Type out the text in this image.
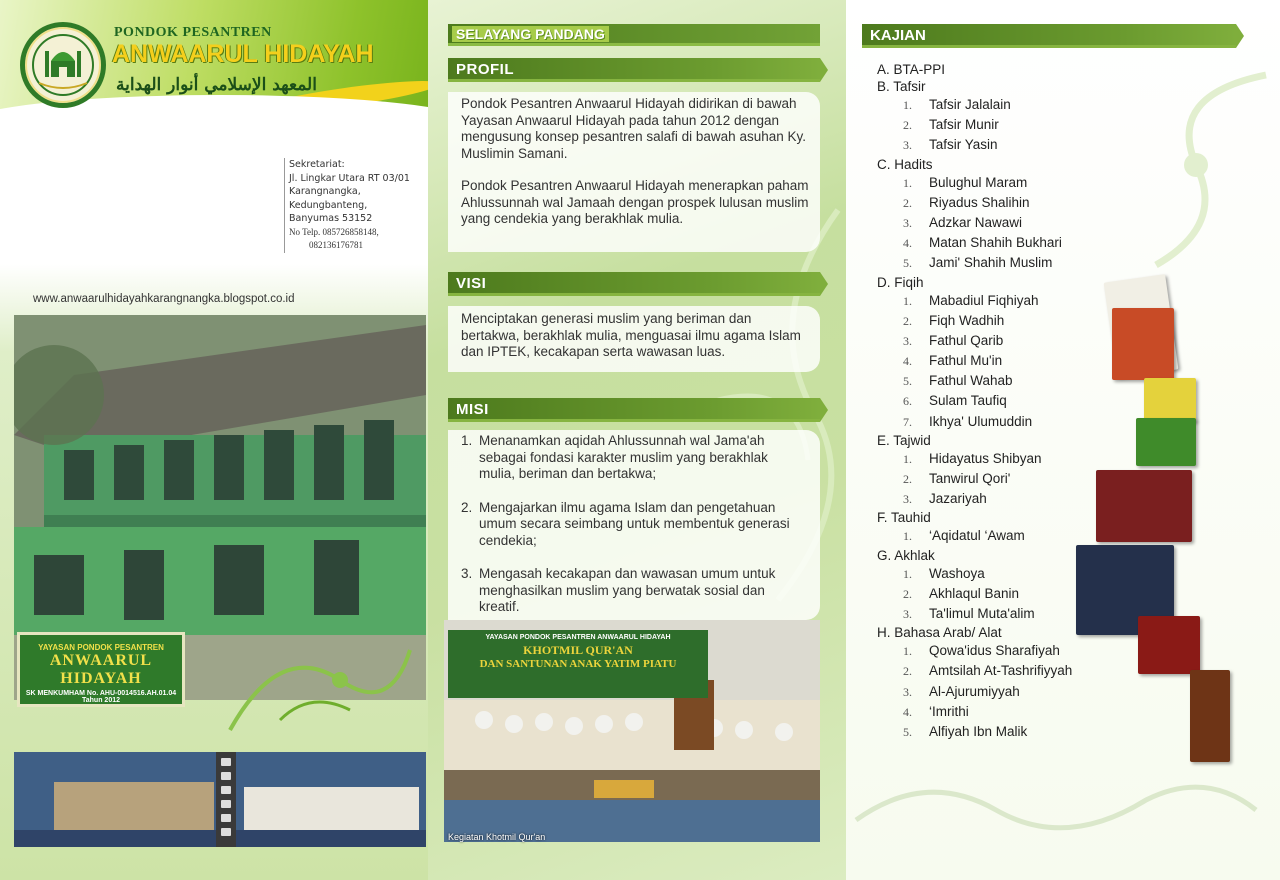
PONDOK PESANTREN
ANWAARUL HIDAYAH
المعهد الإسلامي أنوار الهداية
Sekretariat:
Jl. Lingkar Utara RT 03/01
Karangnangka,
Kedungbanteng,
Banyumas 53152
No Telp. 085726858148,
082136176781
www.anwaarulhidayahkarangnangka.blogspot.co.id
YAYASAN PONDOK PESANTREN
ANWAARUL HIDAYAH
SK MENKUMHAM No. AHU-0014516.AH.01.04 Tahun 2012
SELAYANG PANDANG
PROFIL

Pondok Pesantren Anwaarul Hidayah didirikan di bawah Yayasan Anwaarul Hidayah pada tahun 2012 dengan mengusung konsep pesantren salafi di bawah asuhan Ky. Muslimin Samani.

Pondok Pesantren Anwaarul Hidayah menerapkan paham Ahlussunnah wal Jamaah dengan prospek lulusan muslim yang cendekia yang berakhlak mulia.

VISI

Menciptakan generasi muslim yang beriman dan bertakwa, berakhlak mulia, menguasai ilmu agama Islam dan IPTEK, kecakapan serta wawasan luas.

MISI
1. Menanamkan aqidah Ahlussunnah wal Jama'ah sebagai fondasi karakter muslim yang berakhlak mulia, beriman dan bertakwa;
2. Mengajarkan ilmu agama Islam dan pengetahuan umum secara seimbang untuk membentuk generasi cendekia;
3. Mengasah kecakapan dan wawasan umum untuk menghasilkan muslim yang berwatak sosial dan kreatif.
YAYASAN PONDOK PESANTREN ANWAARUL HIDAYAH
KHOTMIL QUR'AN
DAN SANTUNAN ANAK YATIM PIATU
Kegiatan Khotmil Qur'an
KAJIAN
A. BTA-PPI
B. Tafsir
1.	Tafsir Jalalain
2.	Tafsir Munir
3.	Tafsir Yasin
C. Hadits
1.	Bulughul Maram
2.	Riyadus Shalihin
3.	Adzkar Nawawi
4.	Matan Shahih Bukhari
5.	Jami' Shahih Muslim
D. Fiqih
1.	Mabadiul Fiqhiyah
2.	Fiqh Wadhih
3.	Fathul Qarib
4.	Fathul Mu'in
5.	Fathul Wahab
6.	Sulam Taufiq
7.	Ikhya' Ulumuddin
E. Tajwid
1.	Hidayatus Shibyan
2.	Tanwirul Qori'
3.	Jazariyah
F. Tauhid
1.	‘Aqidatul ‘Awam
G. Akhlak
1.	Washoya
2.	Akhlaqul Banin
3.	Ta'limul Muta'alim
H. Bahasa Arab/ Alat
1.	Qowa'idus Sharafiyah
2.	Amtsilah At-Tashrifiyyah
3.	Al-Ajurumiyyah
4.	‘Imrithi
5.	Alfiyah Ibn Malik
